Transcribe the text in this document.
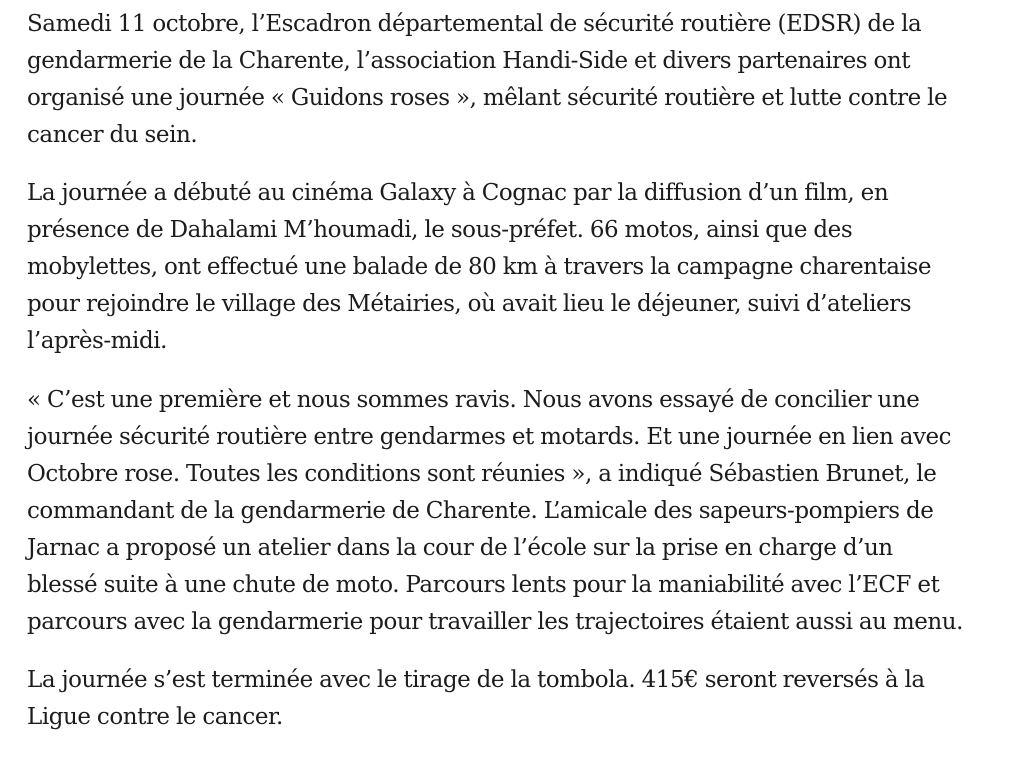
Samedi 11 octobre, l’Escadron départemental de sécurité routière (EDSR) de la
gendarmerie de la Charente, l’association Handi-Side et divers partenaires ont
organisé une journée « Guidons roses », mêlant sécurité routière et lutte contre le
cancer du sein.

La journée a débuté au cinéma Galaxy à Cognac par la diffusion d’un film, en
présence de Dahalami M’houmadi, le sous-préfet. 66 motos, ainsi que des
mobylettes, ont effectué une balade de 80 km à travers la campagne charentaise
pour rejoindre le village des Métairies, où avait lieu le déjeuner, suivi d’ateliers
l’après-midi.

« C’est une première et nous sommes ravis. Nous avons essayé de concilier une
journée sécurité routière entre gendarmes et motards. Et une journée en lien avec
Octobre rose. Toutes les conditions sont réunies », a indiqué Sébastien Brunet, le
commandant de la gendarmerie de Charente. L’amicale des sapeurs-pompiers de
Jarnac a proposé un atelier dans la cour de l’école sur la prise en charge d’un
blessé suite à une chute de moto. Parcours lents pour la maniabilité avec l’ECF et
parcours avec la gendarmerie pour travailler les trajectoires étaient aussi au menu.

La journée s’est terminée avec le tirage de la tombola. 415€ seront reversés à la
Ligue contre le cancer.
